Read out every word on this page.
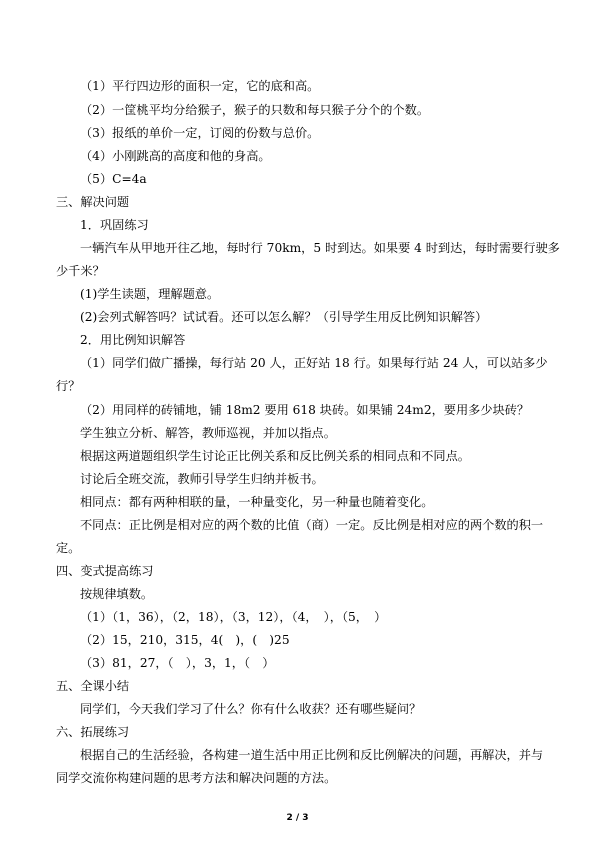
（1）平行四边形的面积一定，它的底和高。
（2）一筐桃平均分给猴子，猴子的只数和每只猴子分个的个数。
（3）报纸的单价一定，订阅的份数与总价。
（4）小刚跳高的高度和他的身高。
（5）C=4a
三、解决问题
1．巩固练习
一辆汽车从甲地开往乙地，每时行 70km，5 时到达。如果要 4 时到达，每时需要行驶多
少千米？
(1)学生读题，理解题意。
(2)会列式解答吗？试试看。还可以怎么解？（引导学生用反比例知识解答）
2．用比例知识解答
（1）同学们做广播操，每行站 20 人，正好站 18 行。如果每行站 24 人，可以站多少
行？
（2）用同样的砖铺地，铺 18m2 要用 618 块砖。如果铺 24m2，要用多少块砖？
学生独立分析、解答，教师巡视，并加以指点。
根据这两道题组织学生讨论正比例关系和反比例关系的相同点和不同点。
讨论后全班交流，教师引导学生归纳并板书。
相同点：都有两种相联的量，一种量变化，另一种量也随着变化。
不同点：正比例是相对应的两个数的比值（商）一定。反比例是相对应的两个数的积一
定。
四、变式提高练习
按规律填数。
（1）（1，36），（2，18），（3，12），（4，　），（5，　）
（2）15，210，315，4(　)，(　)25
（3）81，27，（　），3，1，（　）
五、全课小结
同学们，今天我们学习了什么？你有什么收获？还有哪些疑问？
六、拓展练习
根据自己的生活经验，各构建一道生活中用正比例和反比例解决的问题，再解决，并与
同学交流你构建问题的思考方法和解决问题的方法。
2 / 3
